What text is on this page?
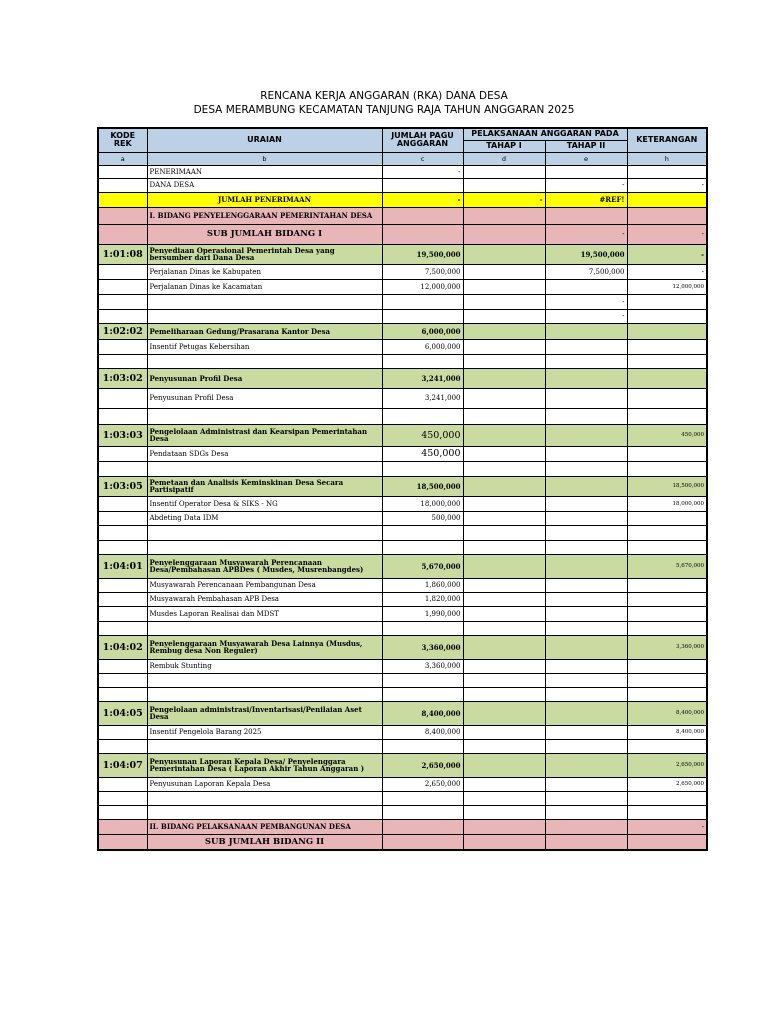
RENCANA KERJA ANGGARAN (RKA) DANA DESA
DESA MERAMBUNG KECAMATAN TANJUNG RAJA TAHUN ANGGARAN 2025
KODE REK	URAIAN	JUMLAH PAGU ANGGARAN	PELAKSANAAN ANGGARAN PADA		KETERANGAN
			TAHAP I	TAHAP II	
a	b	c	d	e	h
	PENERIMAAN	-			
	DANA DESA			-	-
	JUMLAH PENERIMAAN	-	-	#REF!	
	I. BIDANG PENYELENGGARAAN PEMERINTAHAN DESA				
	SUB JUMLAH BIDANG I			-	-
1:01:08	Penyediaan Operasional Pemerintah Desa yang bersumber dari Dana Desa	19,500,000		19,500,000	-
	Perjalanan Dinas ke Kabupaten	7,500,000		7,500,000	-
	Perjalanan Dinas ke Kacamatan	12,000,000			12,000,000
				-	
				-	
1:02:02	Pemeliharaan Gedung/Prasarana Kantor Desa	6,000,000			
	Insentif Petugas Kebersihan	6,000,000			

1:03:02	Penyusunan Profil Desa	3,241,000			
	Penyusunan Profil Desa	3,241,000			

1:03:03	Pengelolaan Administrasi dan Kearsipan Pemerintahan Desa	450,000			450,000
	Pendataan SDGs Desa	450,000			

1:03:05	Pemetaan dan Analisis Keminskinan Desa Secara Partisipatif	18,500,000			18,500,000
	Insentif Operator Desa & SIKS - NG	18,000,000			18,000,000
	Abdeting Data IDM	500,000			

1:04:01	Penyelenggaraan Musyawarah Perencanaan Desa/Pembahasan APBDes ( Musdes, Musrenbangdes)	5,670,000			5,670,000
	Musyawarah Perencanaan Pembangunan Desa	1,860,000			
	Musyawarah Pembahasan APB Desa	1,820,000			
	Musdes Laporan Realisai dan MDST	1,990,000			

1:04:02	Penyelenggaraan Musyawarah Desa Lainnya (Musdus, Rembug desa Non Reguler)	3,360,000			3,360,000
	Rembuk Stunting	3,360,000			

1:04:05	Pengelolaan administrasi/Inventarisasi/Penilaian Aset Desa	8,400,000			8,400,000
	Insentif Pengelola Barang 2025	8,400,000			8,400,000

1:04:07	Penyusunan Laporan Kepala Desa/ Penyelenggara Pemerintahan Desa ( Laporan Akhir Tahun Anggaran )	2,650,000			2,650,000
	Penyusunan Laporan Kepala Desa	2,650,000			2,650,000

	II. BIDANG PELAKSANAAN PEMBANGUNAN DESA				-
	SUB JUMLAH BIDANG II				
